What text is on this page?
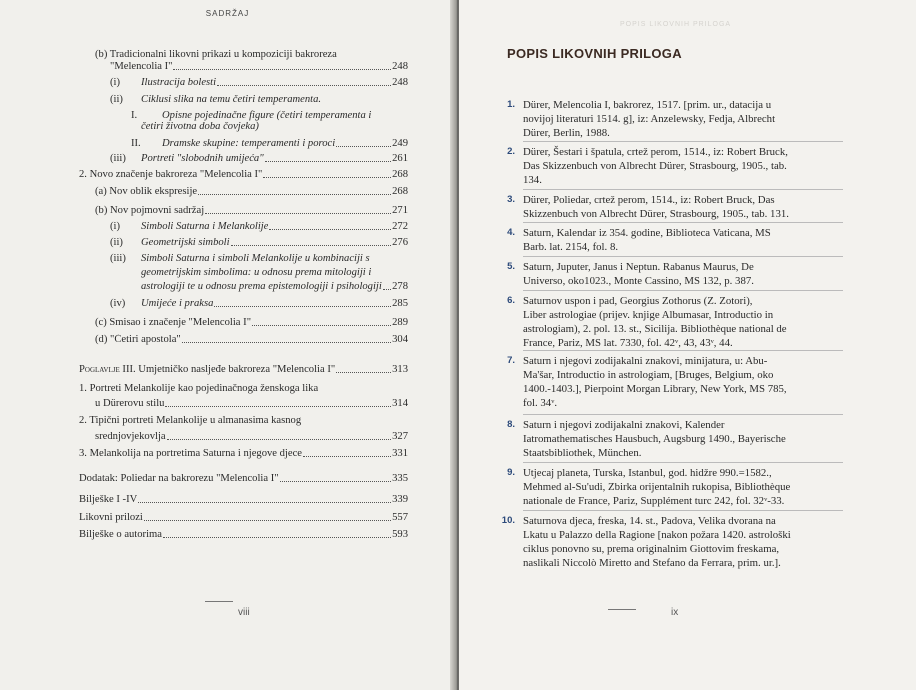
SADRŽAJ
(b) Tradicionalni likovni prikazi u kompoziciji bakroreza
"Melencolia I"	248
(i)	Ilustracija bolesti	248
(ii)	Ciklusi slika na temu četiri temperamenta.
I.	Opisne pojedinačne figure (četiri temperamenta i
četiri životna doba čovjeka)
II.	Dramske skupine: temperamenti i poroci	249
(iii)	Portreti "slobodnih umijeća"	261
2. Novo značenje bakroreza "Melencolia I"	268
(a) Nov oblik ekspresije	268
(b) Nov pojmovni sadržaj	271
(i)	Simboli Saturna i Melankolije	272
(ii)	Geometrijski simboli	276
(iii)	Simboli Saturna i simboli Melankolije u kombinaciji s
geometrijskim simbolima: u odnosu prema mitologiji i
astrologiji te u odnosu prema epistemologiji i psihologiji 278
(iv)	Umijeće i praksa	285
(c) Smisao i značenje "Melencolia I"	289
(d) "Četiri apostola"	304
Poglavlje III. Umjetničko nasljeđe bakroreza "Melencolia I"	313
1. Portreti Melankolije kao pojedinačnoga ženskoga lika
u Dürerovu stilu	314
2. Tipični portreti Melankolije u almanasima kasnog
srednjovjekovlja	327
3. Melankolija na portretima Saturna i njegove djece	331
Dodatak: Poliedar na bakrorezu "Melencolia I"	335
Bilješke I -IV	339
Likovni prilozi	557
Bilješke o autorima	593
viii
POPIS LIKOVNIH PRILOGA
POPIS LIKOVNIH PRILOGA
1. Dürer, Melencolia I, bakrorez, 1517. [prim. ur., datacija u
novijoj literaturi 1514. g], iz: Anzelewsky, Fedja, Albrecht
Dürer, Berlin, 1988.
2. Dürer, Šestari i špatula, crtež perom, 1514., iz: Robert Bruck,
Das Skizzenbuch von Albrecht Dürer, Strasbourg, 1905., tab.
134.
3. Dürer, Poliedar, crtež perom, 1514., iz: Robert Bruck, Das
Skizzenbuch von Albrecht Dürer, Strasbourg, 1905., tab. 131.
4. Saturn, Kalendar iz 354. godine, Biblioteca Vaticana, MS
Barb. lat. 2154, fol. 8.
5. Saturn, Juputer, Janus i Neptun. Rabanus Maurus, De
Universo, oko1023., Monte Cassino, MS 132, p. 387.
6. Saturnov uspon i pad, Georgius Zothorus (Z. Zotori),
Liber astrologiae (prijev. knjige Albumasar, Introductio in
astrologiam), 2. pol. 13. st., Sicilija. Bibliothèque national de
France, Pariz, MS lat. 7330, fol. 42ᵛ, 43, 43ᵛ, 44.
7. Saturn i njegovi zodijakalni znakovi, minijatura, u: Abu-
Ma'šar, Introductio in astrologiam, [Bruges, Belgium, oko
1400.-1403.], Pierpoint Morgan Library, New York, MS 785,
fol. 34ᵛ.
8. Saturn i njegovi zodijakalni znakovi, Kalender
Iatromathematisches Hausbuch, Augsburg 1490., Bayerische
Staatsbibliothek, München.
9. Utjecaj planeta, Turska, Istanbul, god. hidžre 990.=1582.,
Mehmed al-Su'udi, Zbirka orijentalnih rukopisa, Bibliothèque
nationale de France, Pariz, Supplément turc 242, fol. 32ᵛ-33.
10. Saturnova djeca, freska, 14. st., Padova, Velika dvorana na
Lkatu u Palazzo della Ragione [nakon požara 1420. astrološki
ciklus ponovno su, prema originalnim Giottovim freskama,
naslikali Niccolò Miretto and Stefano da Ferrara, prim. ur.].
ix
